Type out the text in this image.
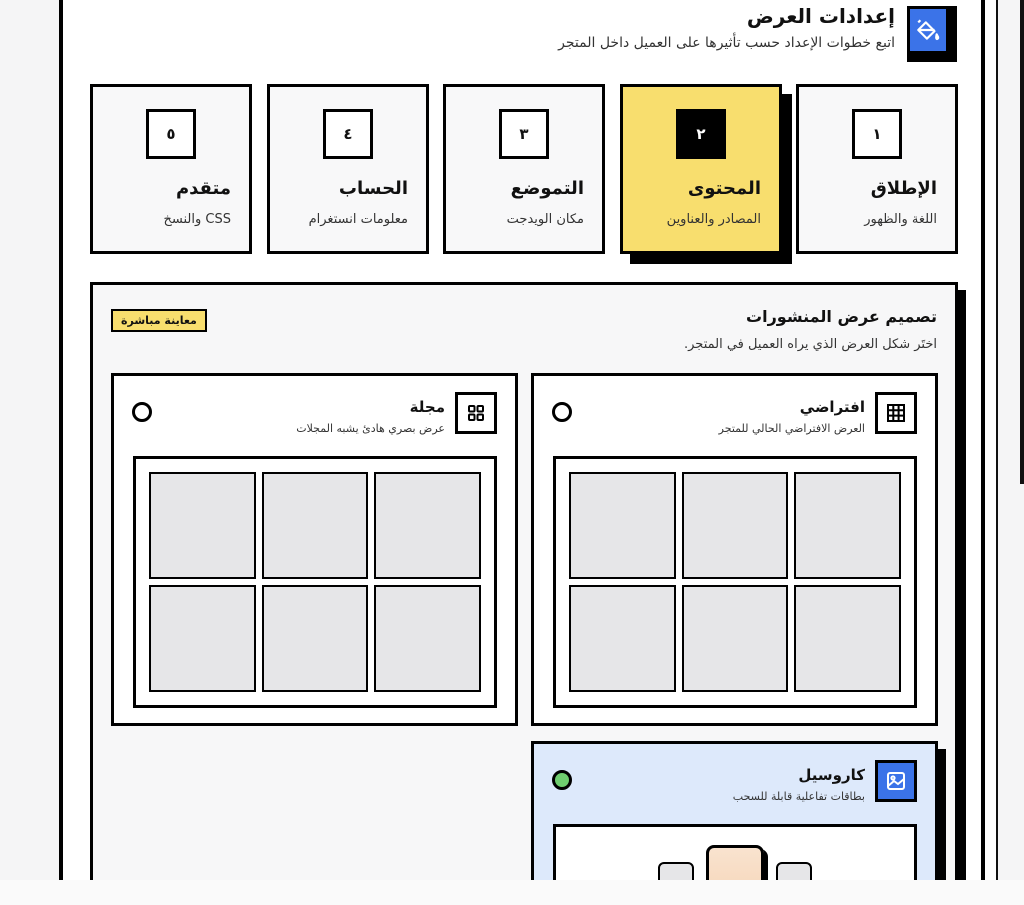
إعدادات العرض
اتبع خطوات الإعداد حسب تأثيرها على العميل داخل المتجر
١
الإطلاق
اللغة والظهور
٢
المحتوى
المصادر والعناوين
٣
التموضع
مكان الويدجت
٤
الحساب
معلومات انستغرام
٥
متقدم
CSS والنسخ
تصميم عرض المنشورات
اختَر شكل العرض الذي يراه العميل في المتجر.
معاينة مباشرة
افتراضي
العرض الافتراضي الحالي للمتجر
مجلة
عرض بصري هادئ يشبه المجلات
كاروسيل
بطاقات تفاعلية قابلة للسحب
